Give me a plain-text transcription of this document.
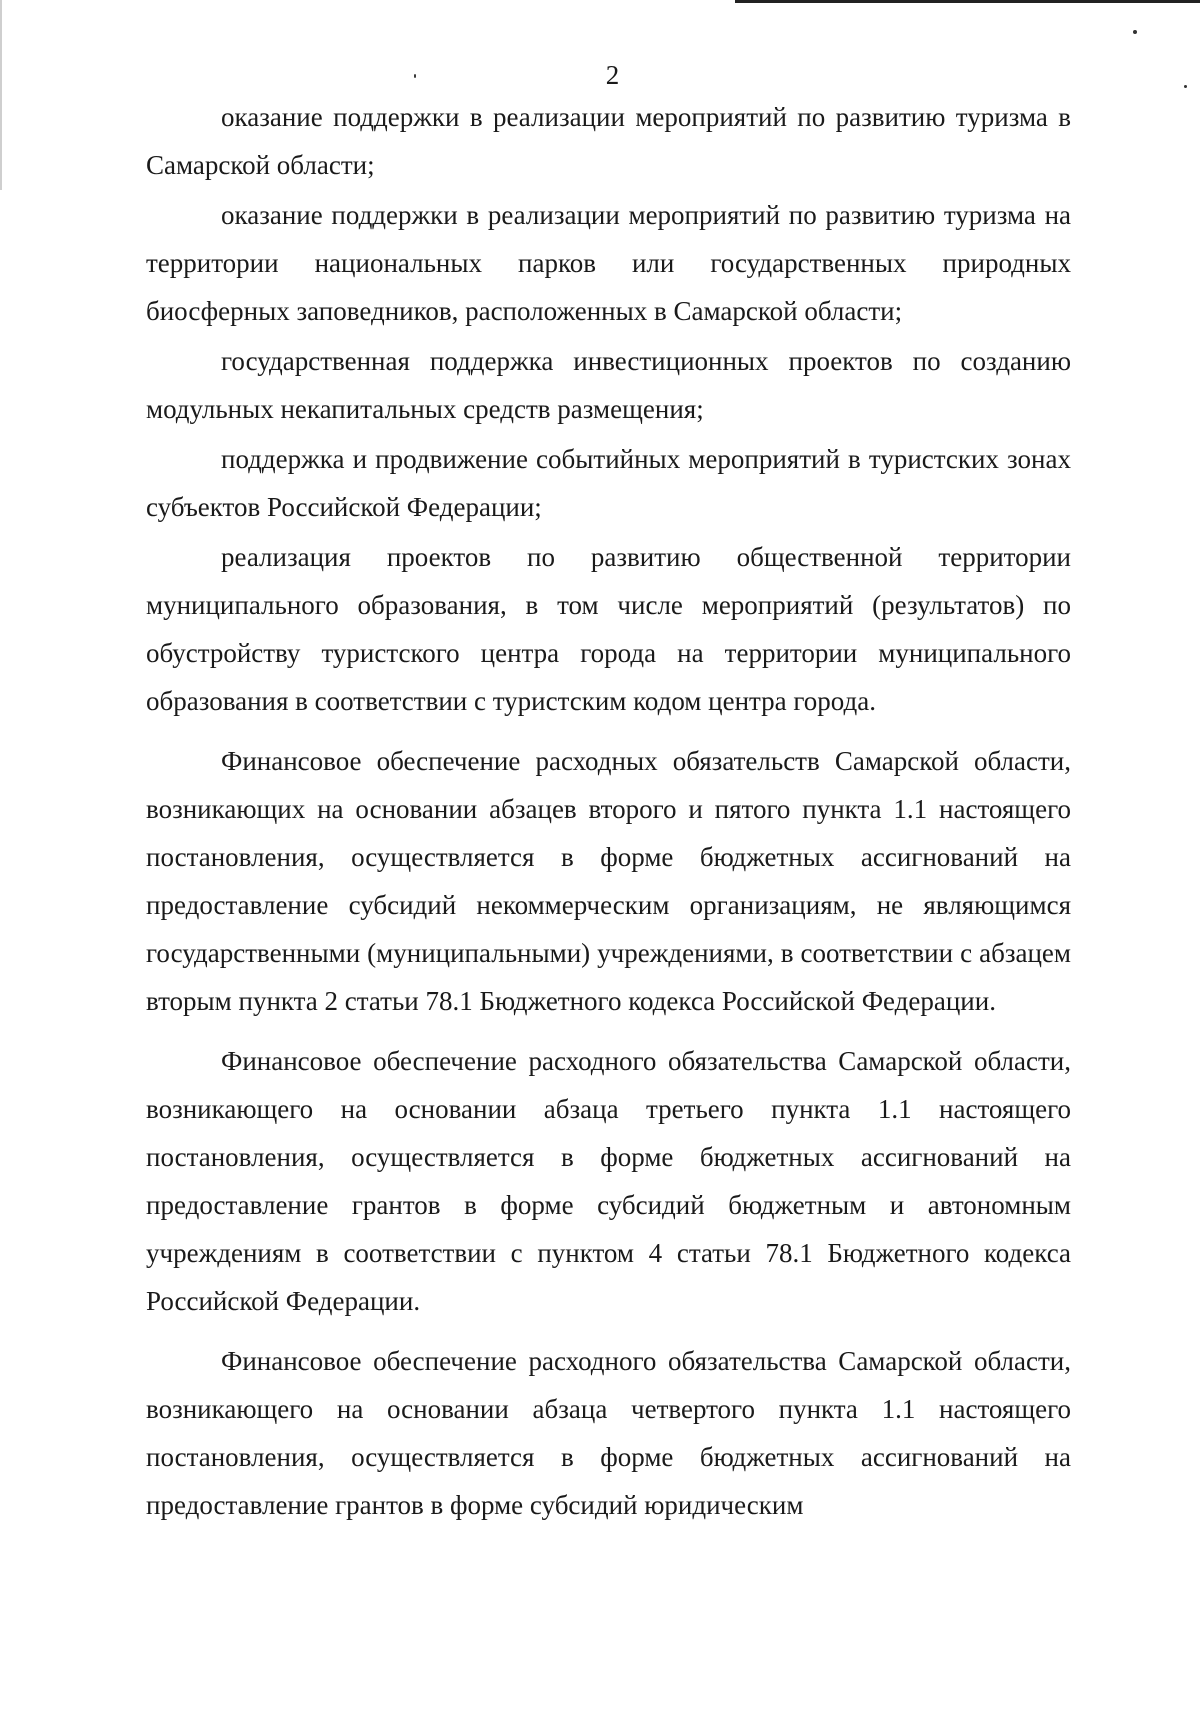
2

оказание поддержки в реализации мероприятий по развитию туризма в Самарской области;

оказание поддержки в реализации мероприятий по развитию туризма на территории национальных парков или государственных природных биосферных заповедников, расположенных в Самарской области;

государственная поддержка инвестиционных проектов по созданию модульных некапитальных средств размещения;

поддержка и продвижение событийных мероприятий в туристских зонах субъектов Российской Федерации;

реализация проектов по развитию общественной территории муниципального образования, в том числе мероприятий (результатов) по обустройству туристского центра города на территории муниципального образования в соответствии с туристским кодом центра города.

Финансовое обеспечение расходных обязательств Самарской области, возникающих на основании абзацев второго и пятого пункта 1.1 настоящего постановления, осуществляется в форме бюджетных ассигнований на предоставление субсидий некоммерческим организациям, не являющимся государственными (муниципальными) учреждениями, в соответствии с абзацем вторым пункта 2 статьи 78.1 Бюджетного кодекса Российской Федерации.

Финансовое обеспечение расходного обязательства Самарской области, возникающего на основании абзаца третьего пункта 1.1 настоящего постановления, осуществляется в форме бюджетных ассигнований на предоставление грантов в форме субсидий бюджетным и автономным учреждениям в соответствии с пунктом 4 статьи 78.1 Бюджетного кодекса Российской Федерации.

Финансовое обеспечение расходного обязательства Самарской области, возникающего на основании абзаца четвертого пункта 1.1 настоящего постановления, осуществляется в форме бюджетных ассигнований на предоставление грантов в форме субсидий юридическим
